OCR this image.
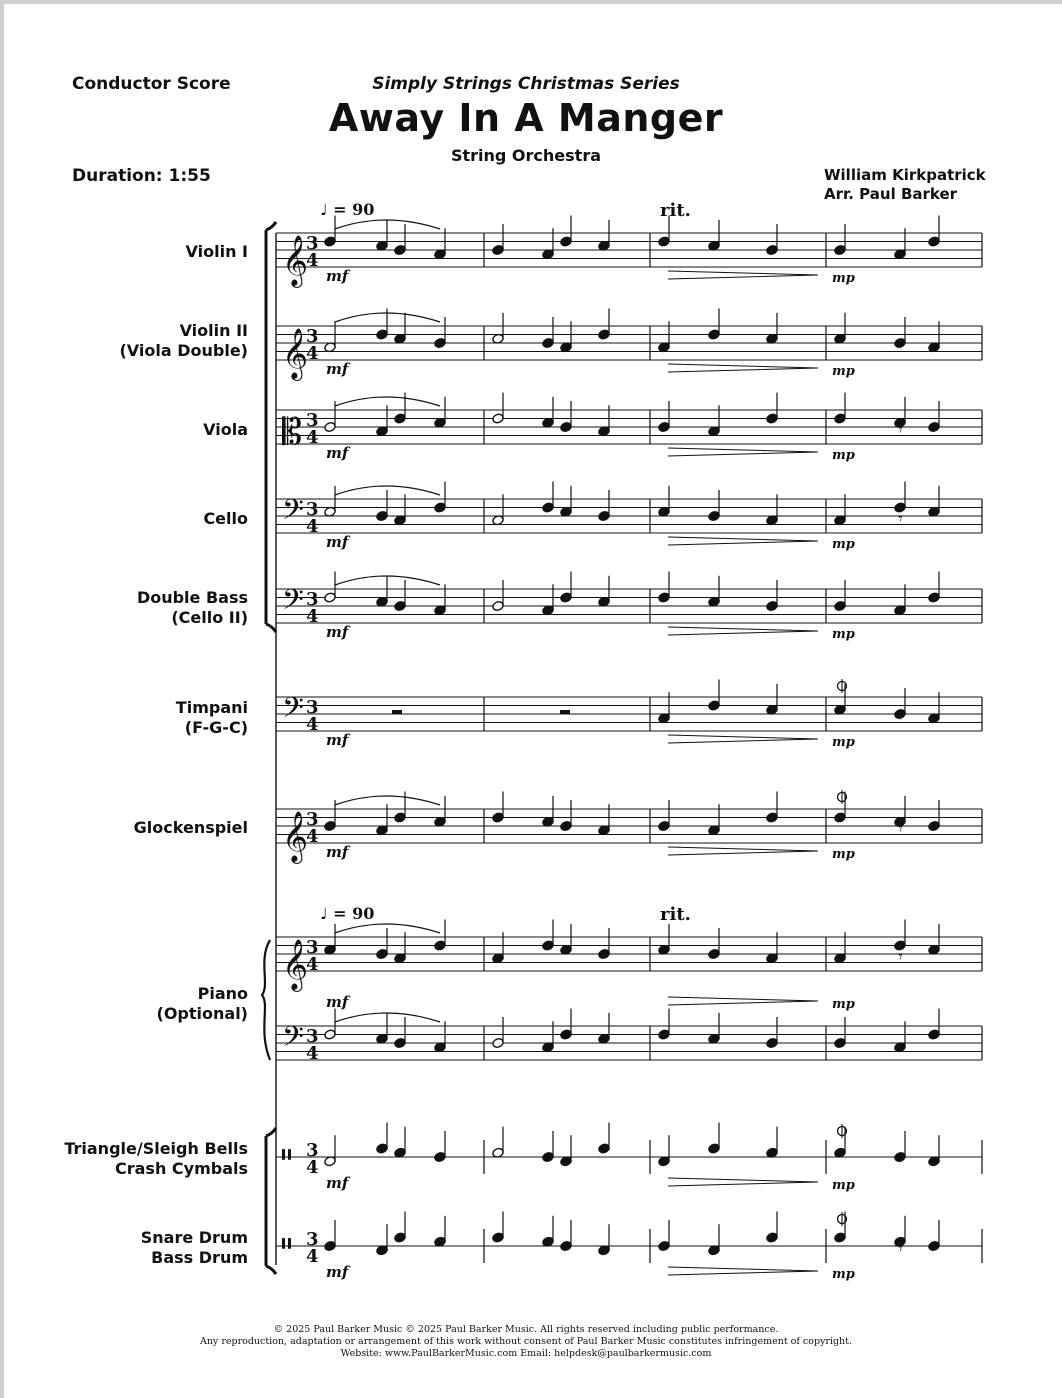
Conductor Score	Simply Strings Christmas Series
Away In A Manger
String Orchestra
Duration: 1:55	William Kirkpatrick
Arr. Paul Barker
Violin I
Violin II
(Viola Double)
Viola
Cello
Double Bass
(Cello II)
Timpani
(F-G-C)
Glockenspiel
Piano
(Optional)
Triangle/Sleigh Bells
Crash Cymbals
Snare Drum
Bass Drum
♩ = 90	rit.
♩ = 90	rit.
𝄞
3
4	𝄾
𝄞
3
4	𝄾
𝄡 3
4	𝄾
𝄢 3
4	𝄾
𝄢 3
4	𝄾
𝄢 3
4	𝄾
𝄞
3
4	𝄾
𝄞
3
4	𝄾
𝄢 3
4	𝄾
𝄥 3
4	𝄾
𝄥 3
4	𝄾
mf	mp
mf	mp
mf	mp
mf	mp
mf	mp
mf	mp
mf	mp
mf	mp
mf	mp
mf	mp
© 2025 Paul Barker Music © 2025 Paul Barker Music. All rights reserved including public performance.
Any reproduction, adaptation or arrangement of this work without consent of Paul Barker Music constitutes infringement of copyright.
Website: www.PaulBarkerMusic.com Email: helpdesk@paulbarkermusic.com
